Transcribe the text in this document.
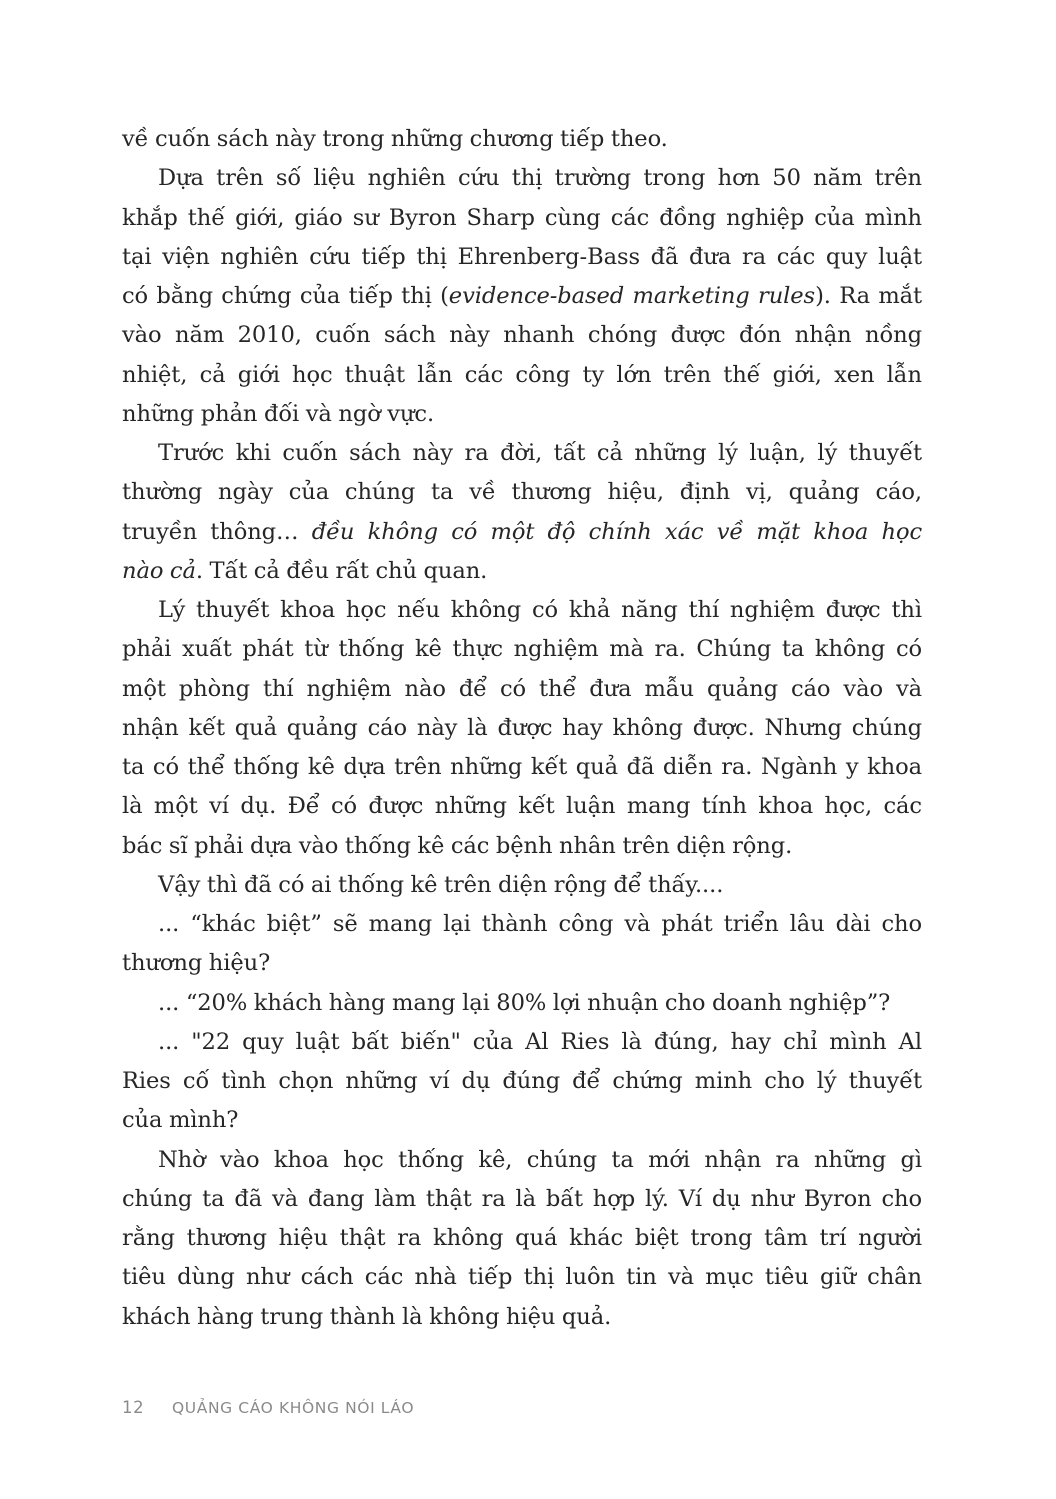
về cuốn sách này trong những chương tiếp theo.
Dựa trên số liệu nghiên cứu thị trường trong hơn 50 năm trên
khắp thế giới, giáo sư Byron Sharp cùng các đồng nghiệp của mình
tại viện nghiên cứu tiếp thị Ehrenberg-Bass đã đưa ra các quy luật
có bằng chứng của tiếp thị (evidence-based marketing rules). Ra mắt
vào năm 2010, cuốn sách này nhanh chóng được đón nhận nồng
nhiệt, cả giới học thuật lẫn các công ty lớn trên thế giới, xen lẫn
những phản đối và ngờ vực.
Trước khi cuốn sách này ra đời, tất cả những lý luận, lý thuyết
thường ngày của chúng ta về thương hiệu, định vị, quảng cáo,
truyền thông… đều không có một độ chính xác về mặt khoa học
nào cả. Tất cả đều rất chủ quan.
Lý thuyết khoa học nếu không có khả năng thí nghiệm được thì
phải xuất phát từ thống kê thực nghiệm mà ra. Chúng ta không có
một phòng thí nghiệm nào để có thể đưa mẫu quảng cáo vào và
nhận kết quả quảng cáo này là được hay không được. Nhưng chúng
ta có thể thống kê dựa trên những kết quả đã diễn ra. Ngành y khoa
là một ví dụ. Để có được những kết luận mang tính khoa học, các
bác sĩ phải dựa vào thống kê các bệnh nhân trên diện rộng.
Vậy thì đã có ai thống kê trên diện rộng để thấy....
... “khác biệt” sẽ mang lại thành công và phát triển lâu dài cho
thương hiệu?
... “20% khách hàng mang lại 80% lợi nhuận cho doanh nghiệp”?
... "22 quy luật bất biến" của Al Ries là đúng, hay chỉ mình Al
Ries cố tình chọn những ví dụ đúng để chứng minh cho lý thuyết
của mình?
Nhờ vào khoa học thống kê, chúng ta mới nhận ra những gì
chúng ta đã và đang làm thật ra là bất hợp lý. Ví dụ như Byron cho
rằng thương hiệu thật ra không quá khác biệt trong tâm trí người
tiêu dùng như cách các nhà tiếp thị luôn tin và mục tiêu giữ chân
khách hàng trung thành là không hiệu quả.
12 QUẢNG CÁO KHÔNG NÓI LÁO
